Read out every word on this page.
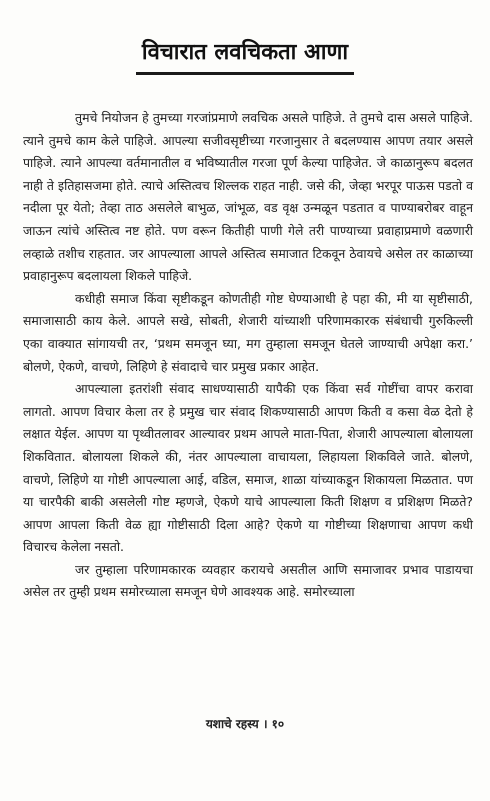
विचारात लवचिकता आणा

तुमचे नियोजन हे तुमच्या गरजांप्रमाणे लवचिक असले पाहिजे. ते तुमचे दास असले पाहिजे. त्याने तुमचे काम केले पाहिजे. आपल्या सजीवसृष्टीच्या गरजानुसार ते बदलण्यास आपण तयार असले पाहिजे. त्याने आपल्या वर्तमानातील व भविष्यातील गरजा पूर्ण केल्या पाहिजेत. जे काळानुरूप बदलत नाही ते इतिहासजमा होते. त्याचे अस्तित्वच शिल्लक राहत नाही. जसे की, जेव्हा भरपूर पाऊस पडतो व नदीला पूर येतो; तेव्हा ताठ असलेले बाभुळ, जांभूळ, वड वृक्ष उन्मळून पडतात व पाण्याबरोबर वाहून जाऊन त्यांचे अस्तित्व नष्ट होते. पण वरून कितीही पाणी गेले तरी पाण्याच्या प्रवाहाप्रमाणे वळणारी लव्हाळे तशीच राहतात. जर आपल्याला आपले अस्तित्व समाजात टिकवून ठेवायचे असेल तर काळाच्या प्रवाहानुरूप बदलायला शिकले पाहिजे.

कधीही समाज किंवा सृष्टीकडून कोणतीही गोष्ट घेण्याआधी हे पहा की, मी या सृष्टीसाठी, समाजासाठी काय केले. आपले सखे, सोबती, शेजारी यांच्याशी परिणामकारक संबंधाची गुरुकिल्ली एका वाक्यात सांगायची तर, ‘प्रथम समजून घ्या, मग तुम्हाला समजून घेतले जाण्याची अपेक्षा करा.’ बोलणे, ऐकणे, वाचणे, लिहिणे हे संवादाचे चार प्रमुख प्रकार आहेत.

आपल्याला इतरांशी संवाद साधण्यासाठी यापैकी एक किंवा सर्व गोष्टींचा वापर करावा लागतो. आपण विचार केला तर हे प्रमुख चार संवाद शिकण्यासाठी आपण किती व कसा वेळ देतो हे लक्षात येईल. आपण या पृथ्वीतलावर आल्यावर प्रथम आपले माता-पिता, शेजारी आपल्याला बोलायला शिकवितात. बोलायला शिकले की, नंतर आपल्याला वाचायला, लिहायला शिकविले जाते. बोलणे, वाचणे, लिहिणे या गोष्टी आपल्याला आई, वडिल, समाज, शाळा यांच्याकडून शिकायला मिळतात. पण या चारपैकी बाकी असलेली गोष्ट म्हणजे, ऐकणे याचे आपल्याला किती शिक्षण व प्रशिक्षण मिळते? आपण आपला किती वेळ ह्या गोष्टीसाठी दिला आहे? ऐकणे या गोष्टीच्या शिक्षणाचा आपण कधी विचारच केलेला नसतो.

जर तुम्हाला परिणामकारक व्यवहार करायचे असतील आणि समाजावर प्रभाव पाडायचा असेल तर तुम्ही प्रथम समोरच्याला समजून घेणे आवश्यक आहे. समोरच्याला

यशाचे रहस्य । १०
